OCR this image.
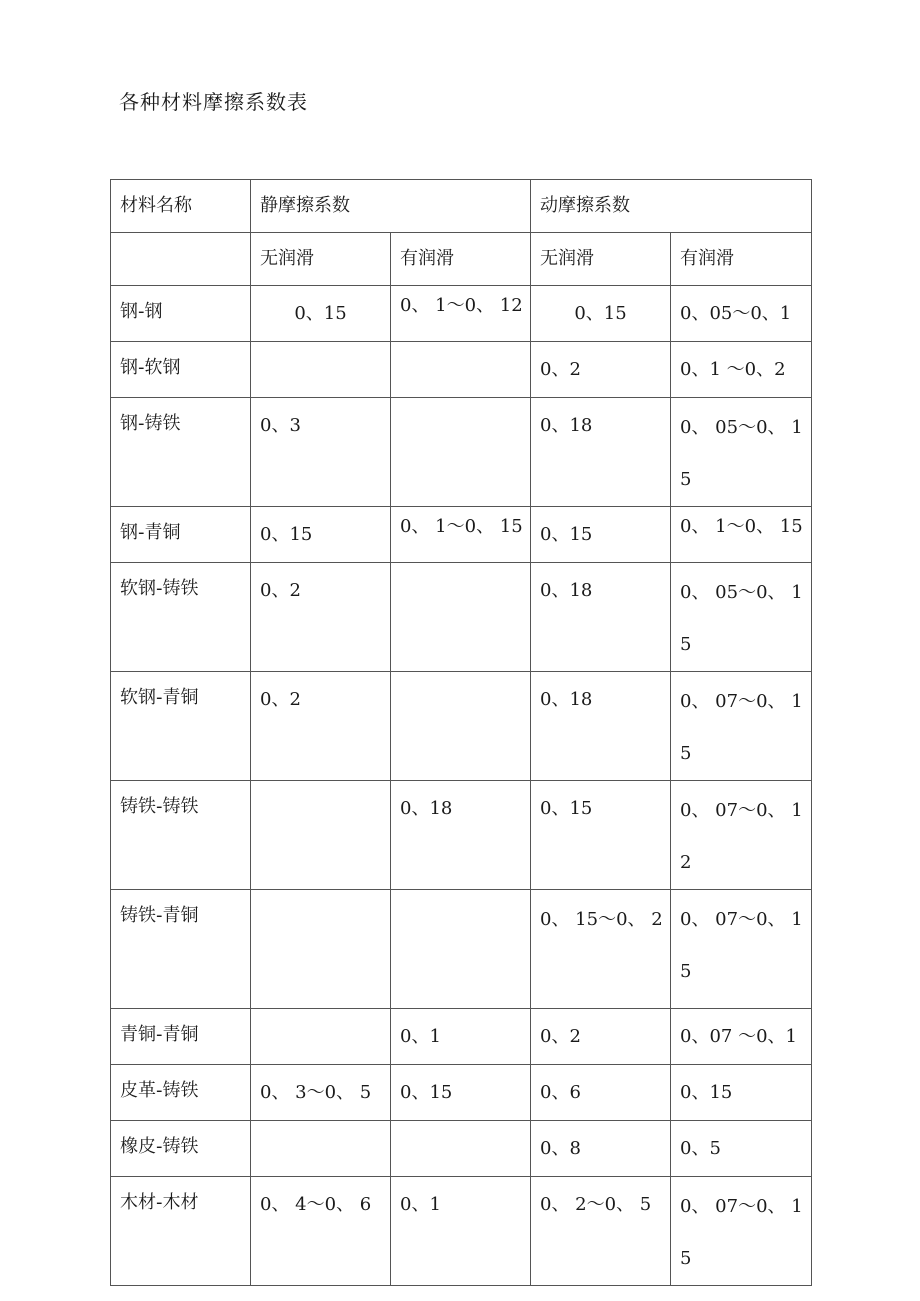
各种材料摩擦系数表
材料名称	静摩擦系数		动摩擦系数	
	无润滑	有润滑	无润滑	有润滑
钢-钢	0、15	0、 1～0、 12	0、15	0、05～0、1
钢-软钢			0、2	0、1 ～0、2
钢-铸铁	0、3		0、18	0、 05～0、 15
钢-青铜	0、15	0、 1～0、 15	0、15	0、 1～0、 15
软钢-铸铁	0、2		0、18	0、 05～0、 15
软钢-青铜	0、2		0、18	0、 07～0、 15
铸铁-铸铁		0、18	0、15	0、 07～0、 12
铸铁-青铜			0、 15～0、 2	0、 07～0、 15
青铜-青铜		0、1	0、2	0、07 ～0、1
皮革-铸铁	0、 3～0、 5	0、15	0、6	0、15
橡皮-铸铁			0、8	0、5
木材-木材	0、 4～0、 6	0、1	0、 2～0、 5	0、 07～0、 15
